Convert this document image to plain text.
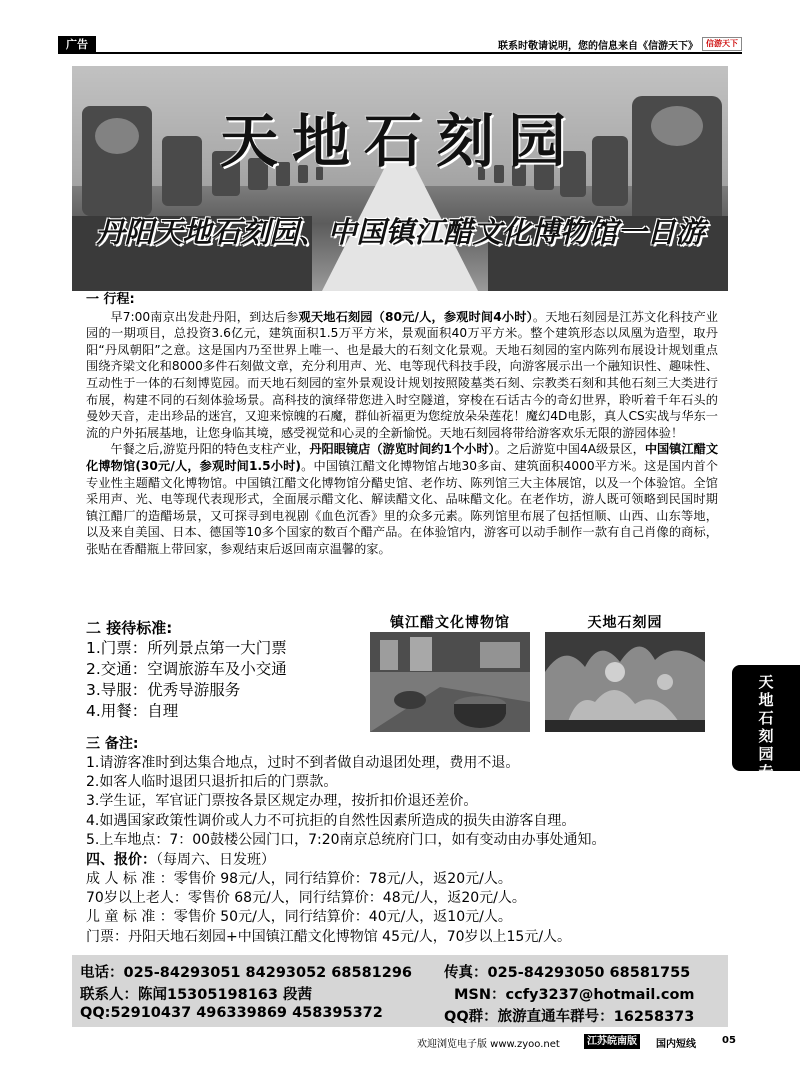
广告	联系时敬请说明，您的信息来自《信游天下》	信游天下
天地石刻园
丹阳天地石刻园、中国镇江醋文化博物馆一日游
一 行程:

早7:00南京出发赴丹阳，到达后参观天地石刻园（80元/人，参观时间4小时）。天地石刻园是江苏文化科技产业园的一期项目，总投资3.6亿元，建筑面积1.5万平方米，景观面积40万平方米。整个建筑形态以凤凰为造型，取丹阳“丹凤朝阳”之意。这是国内乃至世界上唯一、也是最大的石刻文化景观。天地石刻园的室内陈列布展设计规划重点围绕齐梁文化和8000多件石刻做文章，充分利用声、光、电等现代科技手段，向游客展示出一个融知识性、趣味性、互动性于一体的石刻博览园。而天地石刻园的室外景观设计规划按照陵墓类石刻、宗教类石刻和其他石刻三大类进行布展，构建不同的石刻体验场景。高科技的演绎带您进入时空隧道，穿梭在石话古今的奇幻世界，聆听着千年石头的曼妙天音，走出珍品的迷宫，又迎来惊魄的石魔，群仙祈福更为您绽放朵朵莲花！魔幻4D电影，真人CS实战与华东一流的户外拓展基地，让您身临其境，感受视觉和心灵的全新愉悦。天地石刻园将带给游客欢乐无限的游园体验！

午餐之后,游览丹阳的特色支柱产业，丹阳眼镜店（游览时间约1个小时）。之后游览中国4A级景区，中国镇江醋文化博物馆(30元/人，参观时间1.5小时)。中国镇江醋文化博物馆占地30多亩、建筑面积4000平方米。这是国内首个专业性主题醋文化博物馆。中国镇江醋文化博物馆分醋史馆、老作坊、陈列馆三大主体展馆，以及一个体验馆。全馆采用声、光、电等现代表现形式，全面展示醋文化、解读醋文化、品味醋文化。在老作坊，游人既可领略到民国时期镇江醋厂的造醋场景，又可探寻到电视剧《血色沉香》里的众多元素。陈列馆里布展了包括恒顺、山西、山东等地，以及来自美国、日本、德国等10多个国家的数百个醋产品。在体验馆内，游客可以动手制作一款有自己肖像的商标，张贴在香醋瓶上带回家，参观结束后返回南京温馨的家。

二 接待标准:
1.门票：所列景点第一大门票
2.交通：空调旅游车及小交通
3.导服：优秀导游服务
4.用餐：自理
镇江醋文化博物馆	天地石刻园
三 备注:
1.请游客准时到达集合地点，过时不到者做自动退团处理，费用不退。
2.如客人临时退团只退折扣后的门票款。
3.学生证，军官证门票按各景区规定办理，按折扣价退还差价。
4.如遇国家政策性调价或人力不可抗拒的自然性因素所造成的损失由游客自理。
5.上车地点：7：00鼓楼公园门口，7:20南京总统府门口，如有变动由办事处通知。
四、报价：（每周六、日发班）
成 人 标 准 ：零售价 98元/人，同行结算价：78元/人，返20元/人。
70岁以上老人：零售价 68元/人，同行结算价：48元/人，返20元/人。
儿 童 标 准 ：零售价 50元/人，同行结算价：40元/人，返10元/人。
门票：丹阳天地石刻园+中国镇江醋文化博物馆 45元/人，70岁以上15元/人。
天
地
石
刻
园
专
线
电话：025-84293051 84293052 68581296 传真：025-84293050 68581755
联系人：陈闻15305198163 段茜	MSN：ccfy3237@hotmail.com
QQ:52910437 496339869 458395372	QQ群：旅游直通车群号：16258373
欢迎浏览电子版 www.zyoo.net	江苏皖南版	国内短线	05
